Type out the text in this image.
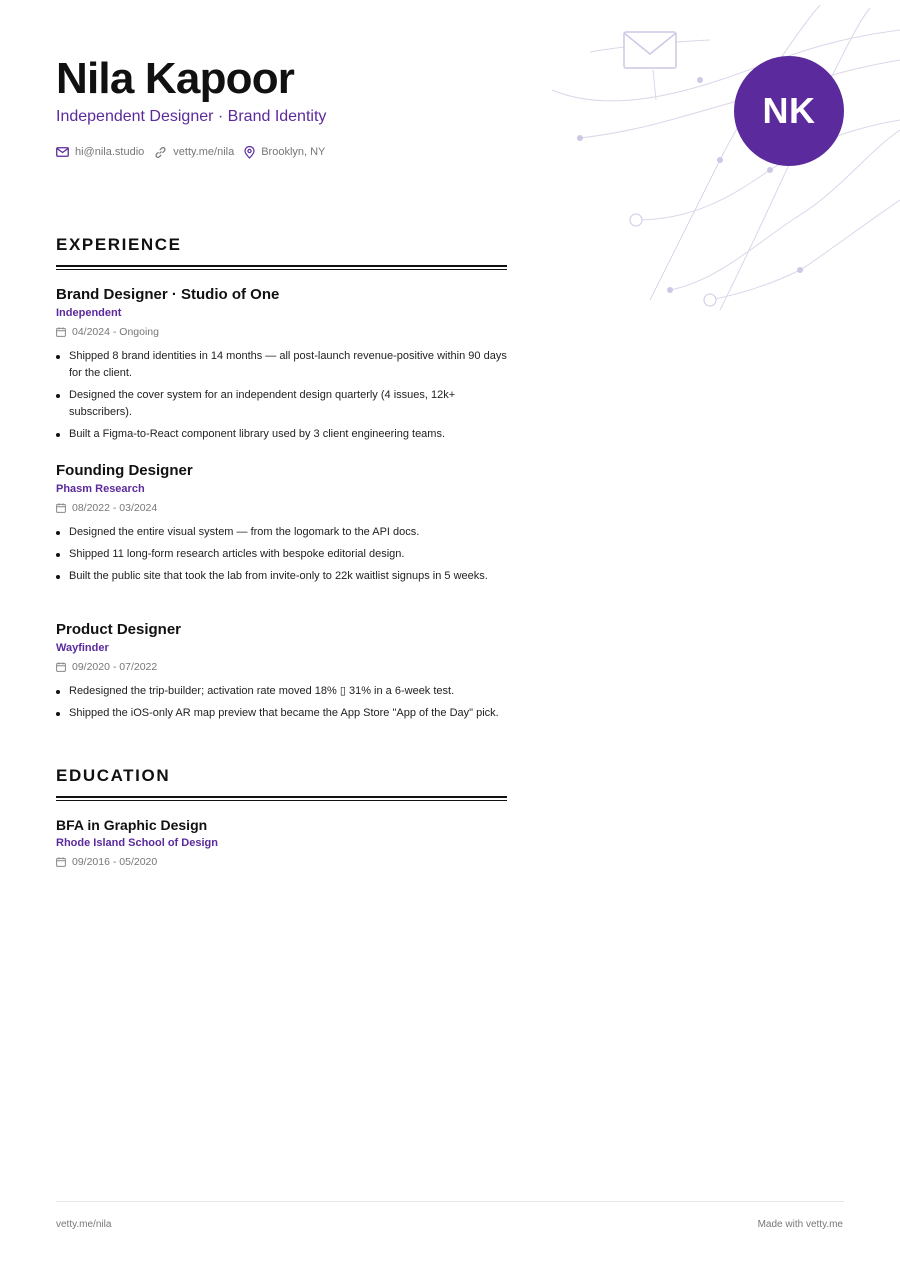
NK
Nila Kapoor
Independent Designer · Brand Identity
hi@nila.studio	vetty.me/nila Brooklyn, NY
EXPERIENCE
Brand Designer · Studio of One
Independent
04/2024 - Ongoing
Shipped 8 brand identities in 14 months — all post-launch revenue-positive within 90 days for the client.
Designed the cover system for an independent design quarterly (4 issues, 12k+ subscribers).
Built a Figma-to-React component library used by 3 client engineering teams.
Founding Designer
Phasm Research
08/2022 - 03/2024
Designed the entire visual system — from the logomark to the API docs.
Shipped 11 long-form research articles with bespoke editorial design.
Built the public site that took the lab from invite-only to 22k waitlist signups in 5 weeks.
Product Designer
Wayfinder
09/2020 - 07/2022
Redesigned the trip-builder; activation rate moved 18% ▯ 31% in a 6-week test.
Shipped the iOS-only AR map preview that became the App Store "App of the Day" pick.
EDUCATION
BFA in Graphic Design
Rhode Island School of Design
09/2016 - 05/2020
vetty.me/nila	Made with vetty.me
